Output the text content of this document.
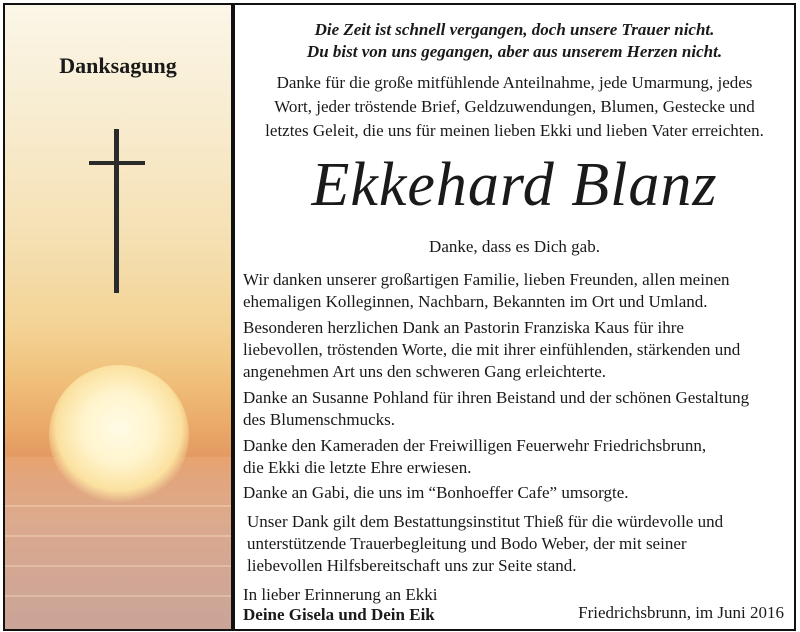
Danksagung
Die Zeit ist schnell vergangen, doch unsere Trauer nicht.
Du bist von uns gegangen, aber aus unserem Herzen nicht.
Danke für die große mitfühlende Anteilnahme, jede Umarmung, jedes
Wort, jeder tröstende Brief, Geldzuwendungen, Blumen, Gestecke und
letztes Geleit, die uns für meinen lieben Ekki und lieben Vater erreichten.
Ekkehard Blanz
Danke, dass es Dich gab.
Wir danken unserer großartigen Familie, lieben Freunden, allen meinen
ehemaligen Kolleginnen, Nachbarn, Bekannten im Ort und Umland.
Besonderen herzlichen Dank an Pastorin Franziska Kaus für ihre
liebevollen, tröstenden Worte, die mit ihrer einfühlenden, stärkenden und
angenehmen Art uns den schweren Gang erleichterte.
Danke an Susanne Pohland für ihren Beistand und der schönen Gestaltung
des Blumenschmucks.
Danke den Kameraden der Freiwilligen Feuerwehr Friedrichsbrunn,
die Ekki die letzte Ehre erwiesen.
Danke an Gabi, die uns im “Bonhoeffer Cafe” umsorgte.
Unser Dank gilt dem Bestattungsinstitut Thieß für die würdevolle und
unterstützende Trauerbegleitung und Bodo Weber, der mit seiner
liebevollen Hilfsbereitschaft uns zur Seite stand.
In lieber Erinnerung an Ekki
Deine Gisela und Dein Eik	Friedrichsbrunn, im Juni 2016
